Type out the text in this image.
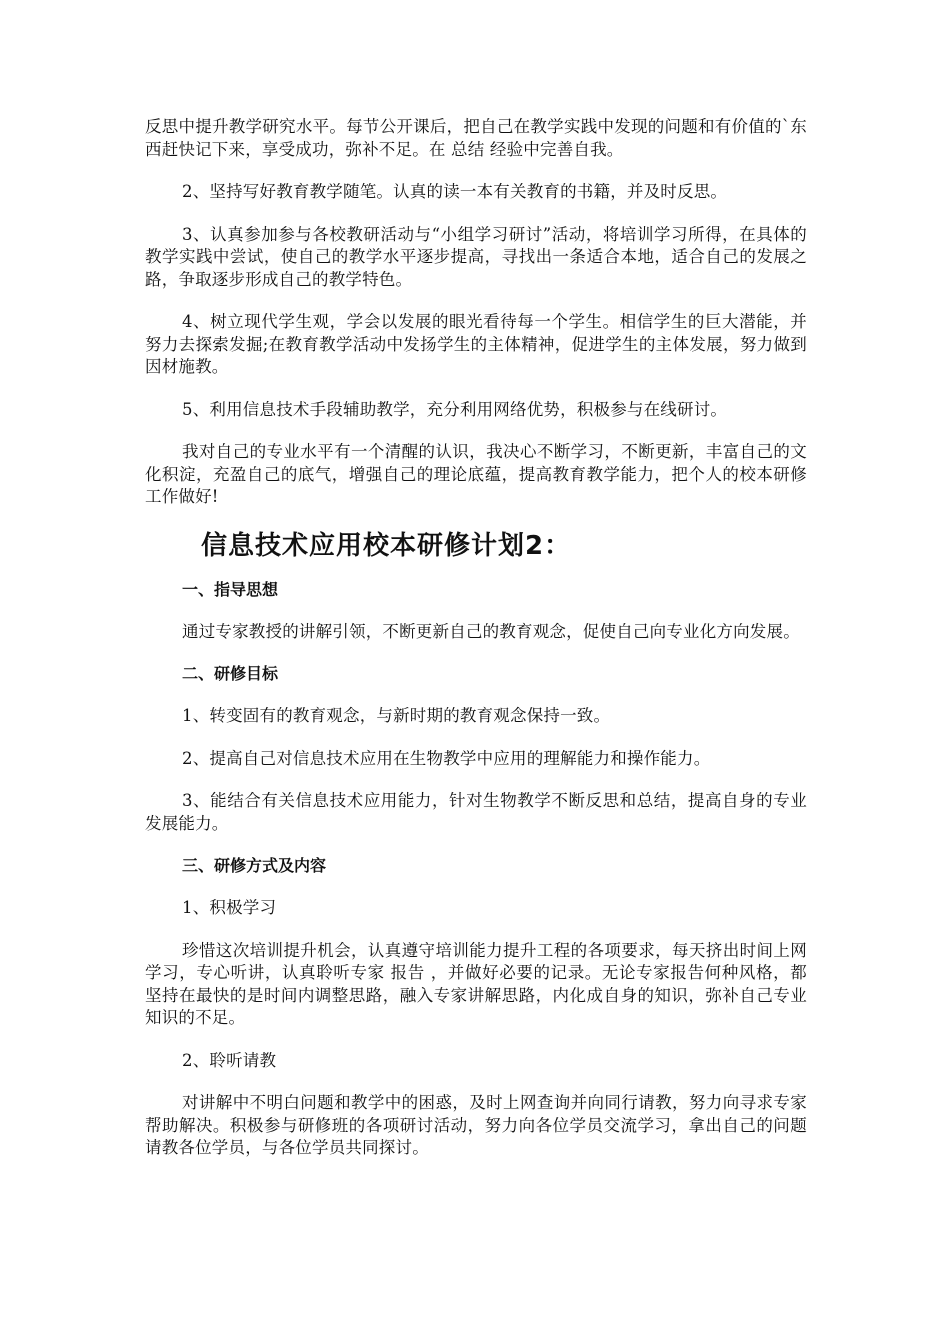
反思中提升教学研究水平。每节公开课后，把自己在教学实践中发现的问题和有价值的`东西赶快记下来，享受成功，弥补不足。在 总结 经验中完善自我。

2、坚持写好教育教学随笔。认真的读一本有关教育的书籍，并及时反思。

3、认真参加参与各校教研活动与“小组学习研讨”活动，将培训学习所得，在具体的教学实践中尝试，使自己的教学水平逐步提高，寻找出一条适合本地，适合自己的发展之路，争取逐步形成自己的教学特色。

4、树立现代学生观，学会以发展的眼光看待每一个学生。相信学生的巨大潜能，并努力去探索发掘;在教育教学活动中发扬学生的主体精神，促进学生的主体发展，努力做到因材施教。

5、利用信息技术手段辅助教学，充分利用网络优势，积极参与在线研讨。

我对自己的专业水平有一个清醒的认识，我决心不断学习，不断更新，丰富自己的文化积淀，充盈自己的底气，增强自己的理论底蕴，提高教育教学能力，把个人的校本研修工作做好!

信息技术应用校本研修计划2：
一、指导思想

通过专家教授的讲解引领，不断更新自己的教育观念，促使自己向专业化方向发展。

二、研修目标

1、转变固有的教育观念，与新时期的教育观念保持一致。

2、提高自己对信息技术应用在生物教学中应用的理解能力和操作能力。

3、能结合有关信息技术应用能力，针对生物教学不断反思和总结，提高自身的专业发展能力。

三、研修方式及内容

1、积极学习

珍惜这次培训提升机会，认真遵守培训能力提升工程的各项要求，每天挤出时间上网学习，专心听讲，认真聆听专家 报告 ，并做好必要的记录。无论专家报告何种风格，都坚持在最快的是时间内调整思路，融入专家讲解思路，内化成自身的知识，弥补自己专业知识的不足。

2、聆听请教

对讲解中不明白问题和教学中的困惑，及时上网查询并向同行请教，努力向寻求专家帮助解决。积极参与研修班的各项研讨活动，努力向各位学员交流学习，拿出自己的问题请教各位学员，与各位学员共同探讨。
